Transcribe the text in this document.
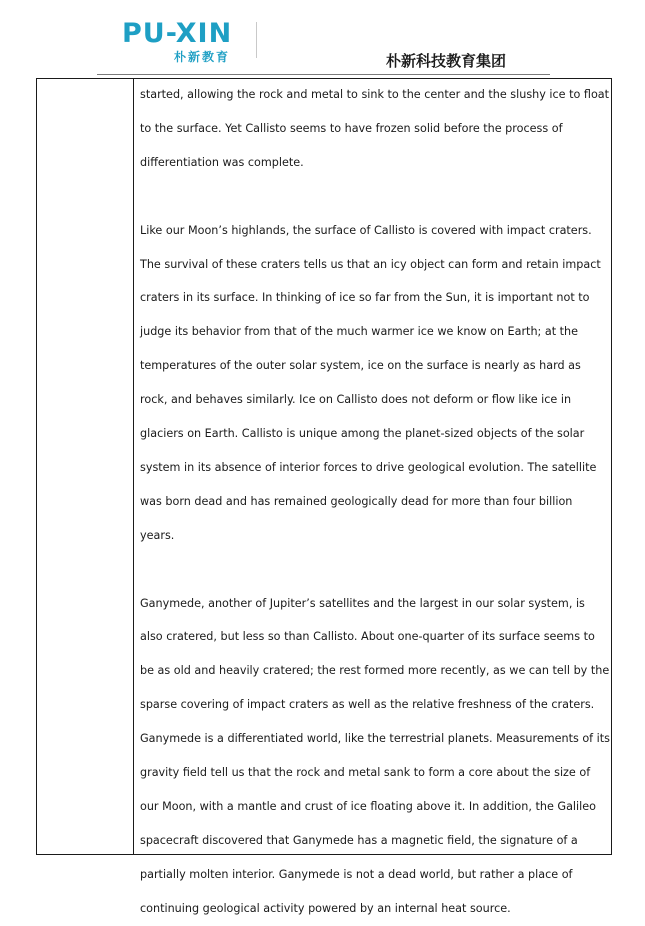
PU-XIN
朴新教育	朴新科技教育集团

started, allowing the rock and metal to sink to the center and the slushy ice to float to the surface. Yet Callisto seems to have frozen solid before the process of differentiation was complete.

Like our Moon’s highlands, the surface of Callisto is covered with impact craters. The survival of these craters tells us that an icy object can form and retain impact craters in its surface. In thinking of ice so far from the Sun, it is important not to judge its behavior from that of the much warmer ice we know on Earth; at the temperatures of the outer solar system, ice on the surface is nearly as hard as rock, and behaves similarly. Ice on Callisto does not deform or flow like ice in glaciers on Earth. Callisto is unique among the planet-sized objects of the solar system in its absence of interior forces to drive geological evolution. The satellite was born dead and has remained geologically dead for more than four billion years.

Ganymede, another of Jupiter’s satellites and the largest in our solar system, is also cratered, but less so than Callisto. About one-quarter of its surface seems to be as old and heavily cratered; the rest formed more recently, as we can tell by the sparse covering of impact craters as well as the relative freshness of the craters. Ganymede is a differentiated world, like the terrestrial planets. Measurements of its gravity field tell us that the rock and metal sank to form a core about the size of our Moon, with a mantle and crust of ice floating above it. In addition, the Galileo spacecraft discovered that Ganymede has a magnetic field, the signature of a partially molten interior. Ganymede is not a dead world, but rather a place of continuing geological activity powered by an internal heat source.
